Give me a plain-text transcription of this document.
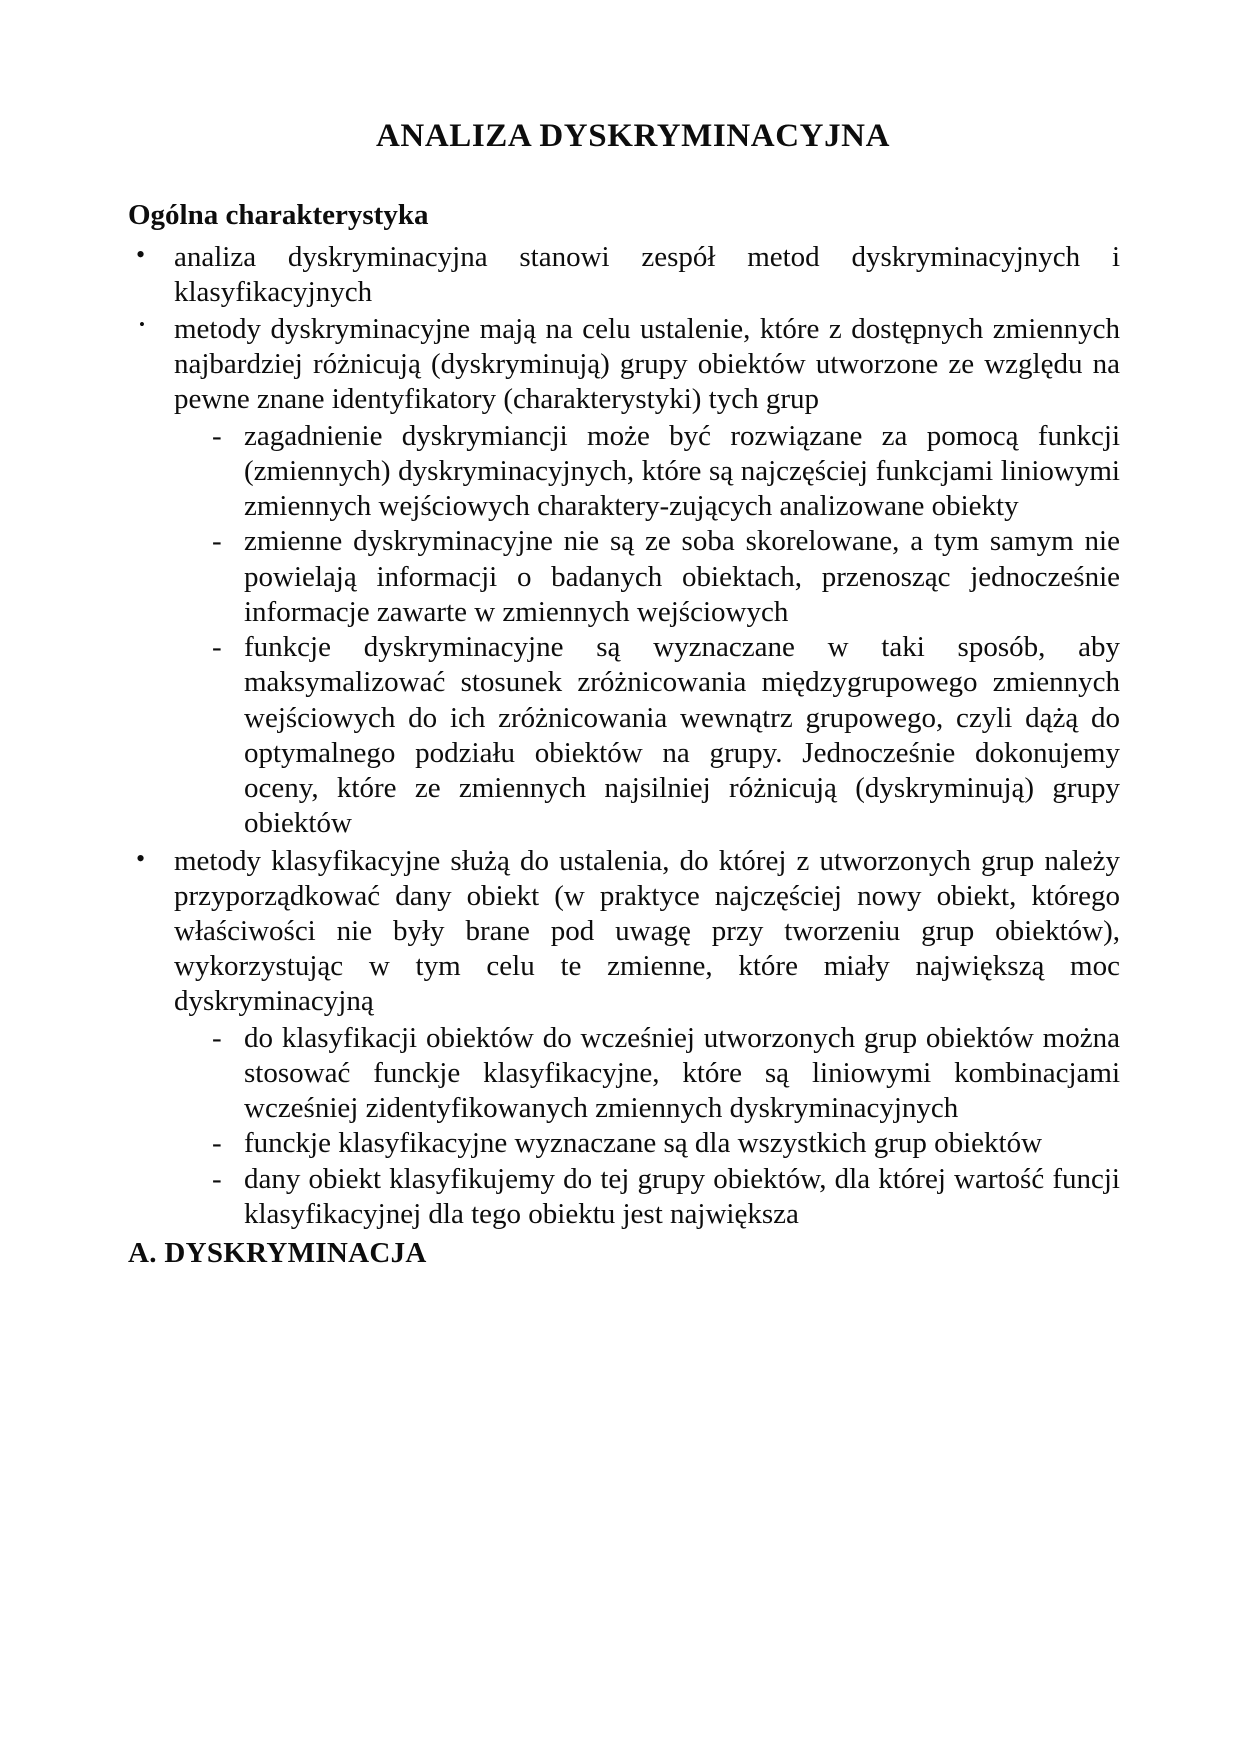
ANALIZA DYSKRYMINACYJNA
Ogólna charakterystyka
• analiza dyskryminacyjna stanowi zespół metod dyskryminacyjnych i klasyfikacyjnych
• metody dyskryminacyjne mają na celu ustalenie, które z dostępnych zmiennych najbardziej różnicują (dyskryminują) grupy obiektów utworzone ze względu na pewne znane identyfikatory (charakterystyki) tych grup
- zagadnienie dyskrymiancji może być rozwiązane za pomocą funkcji (zmiennych) dyskryminacyjnych, które są najczęściej funkcjami liniowymi zmiennych wejściowych charaktery-zujących analizowane obiekty
- zmienne dyskryminacyjne nie są ze soba skorelowane, a tym samym nie powielają informacji o badanych obiektach, przenosząc jednocześnie informacje zawarte w zmiennych wejściowych
- funkcje dyskryminacyjne są wyznaczane w taki sposób, aby maksymalizować stosunek zróżnicowania międzygrupowego zmiennych wejściowych do ich zróżnicowania wewnątrz grupowego, czyli dążą do optymalnego podziału obiektów na grupy. Jednocześnie dokonujemy oceny, które ze zmiennych najsilniej różnicują (dyskryminują) grupy obiektów
• metody klasyfikacyjne służą do ustalenia, do której z utworzonych grup należy przyporządkować dany obiekt (w praktyce najczęściej nowy obiekt, którego właściwości nie były brane pod uwagę przy tworzeniu grup obiektów), wykorzystując w tym celu te zmienne, które miały największą moc dyskryminacyjną
- do klasyfikacji obiektów do wcześniej utworzonych grup obiektów można stosować funckje klasyfikacyjne, które są liniowymi kombinacjami wcześniej zidentyfikowanych zmiennych dyskryminacyjnych
- funckje klasyfikacyjne wyznaczane są dla wszystkich grup obiektów
- dany obiekt klasyfikujemy do tej grupy obiektów, dla której wartość funcji klasyfikacyjnej dla tego obiektu jest największa
A. DYSKRYMINACJA
